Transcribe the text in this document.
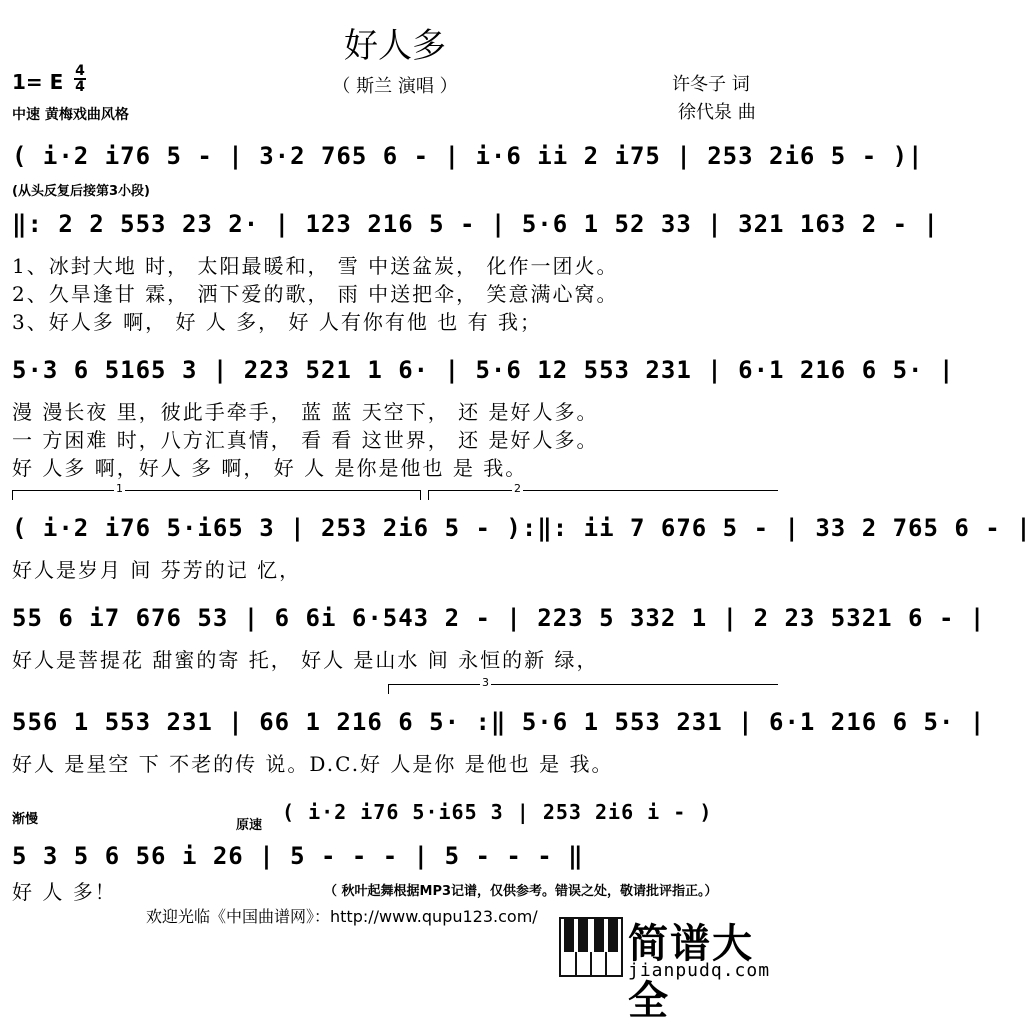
好人多
（ 斯兰 演唱 ）
1= E 4
4
中速 黄梅戏曲风格
许冬子 词
徐代泉 曲
( i·2 i76 5 - | 3·2 765 6 - | i·6 ii 2 i75 | 253 2i6 5 - )|
(从头反复后接第3小段)
‖: 2 2 553 23 2· | 123 216 5 - | 5·6 1 52 33 | 321 163 2 - |
1、冰封大地 时， 太阳最暖和， 雪 中送盆炭， 化作一团火。
2、久旱逢甘 霖， 洒下爱的歌， 雨 中送把伞， 笑意满心窝。
3、好人多 啊， 好 人 多， 好 人有你有他 也 有 我；
5·3 6 5165 3 | 223 521 1 6· | 5·6 12 553 231 | 6·1 216 6 5· |
漫 漫长夜 里，彼此手牵手， 蓝 蓝 天空下， 还 是好人多。
一 方困难 时，八方汇真情， 看 看 这世界， 还 是好人多。
好 人多 啊，好人 多 啊， 好 人 是你是他也 是 我。
1	2
( i·2 i76 5·i65 3 | 253 2i6 5 - ):‖: ii 7 676 5 - | 33 2 765 6 - |
好人是岁月 间 芬芳的记 忆，
55 6 i7 676 53 | 6 6i 6·543 2 - | 223 5 332 1 | 2 23 5321 6 - |
好人是菩提花 甜蜜的寄 托， 好人 是山水 间 永恒的新 绿，
3
556 1 553 231 | 66 1 216 6 5· :‖ 5·6 1 553 231 | 6·1 216 6 5· |
好人 是星空 下 不老的传 说。D.C.好 人是你 是他也 是 我。
渐慢	原速
( i·2 i76 5·i65 3 | 253 2i6 i - )
5 3 5 6 56 i 26 | 5 - - - | 5 - - - ‖
好 人 多！	（ 秋叶起舞根据MP3记谱，仅供参考。错误之处，敬请批评指正。）
欢迎光临《中国曲谱网》：http://www.qupu123.com/
简谱大全
jianpudq.com
